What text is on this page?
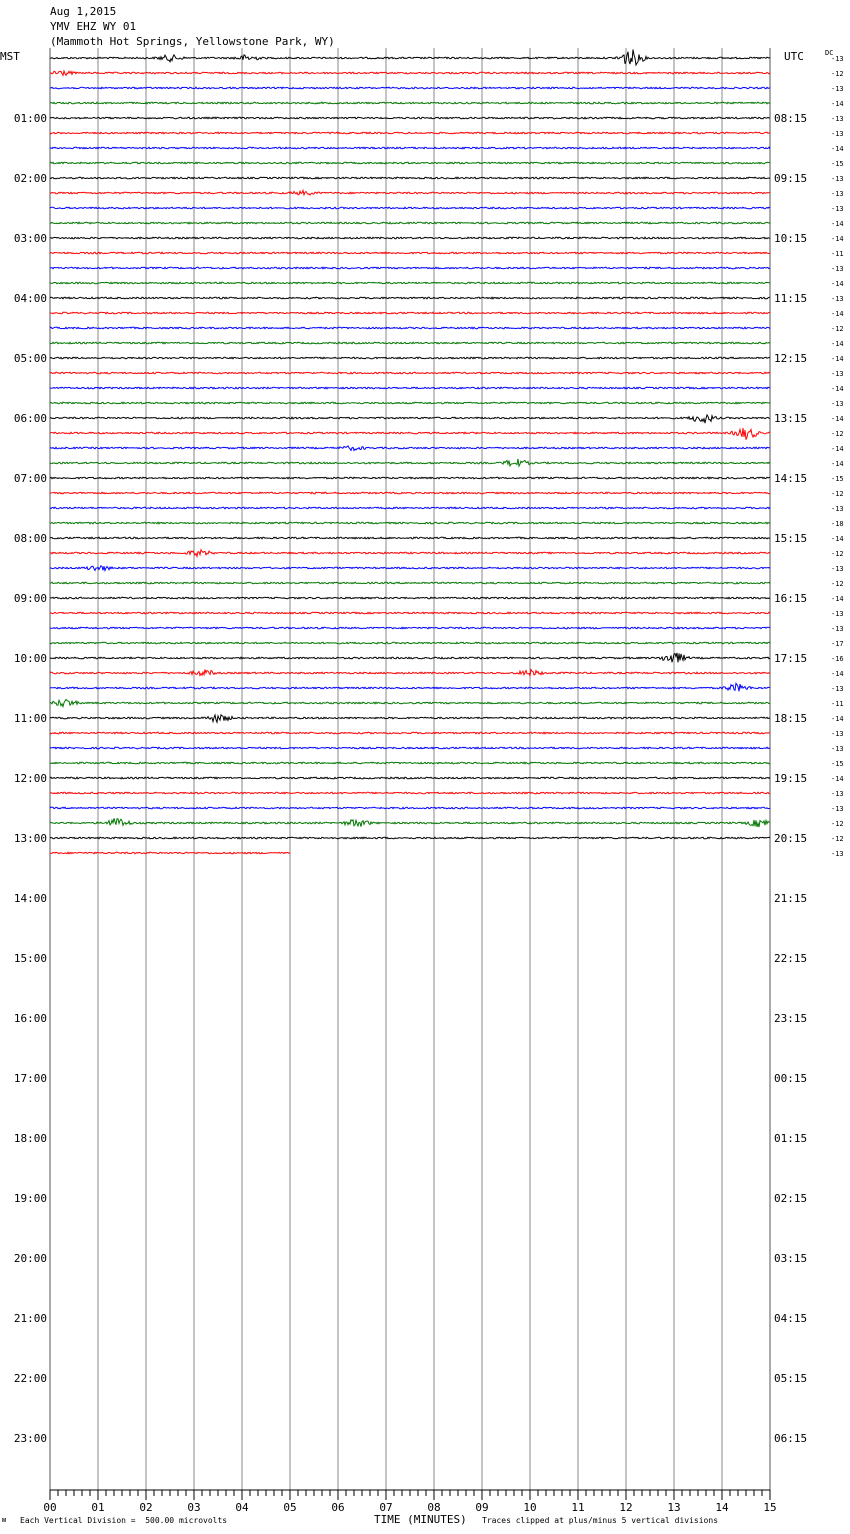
Aug 1,2015
YMV EHZ WY 01
(Mammoth Hot Springs, Yellowstone Park, WY)
MST	UTC	DC
00	01	02	03	04	05	06	07	08	09	10	11	12	13	14	15
01:00	08:15
02:00	09:15
03:00	10:15
04:00	11:15
05:00	12:15
06:00	13:15
07:00	14:15
08:00	15:15
09:00	16:15
10:00	17:15
11:00	18:15
12:00	19:15
13:00	20:15
14:00	21:15
15:00	22:15
16:00	23:15
17:00	00:15
18:00	01:15
19:00	02:15
20:00	03:15
21:00	04:15
22:00	05:15
23:00	06:15
-13
-12
-13
-14
-13
-13
-14
-15
-13
-13
-13
-14
-14
-11
-13
-14
-13
-14
-12
-14
-14
-13
-14
-13
-14
-12
-14
-14
-15
-12
-13
-18
-14
-12
-13
-12
-14
-13
-13
-17
-16
-14
-13
-11
-14
-13
-13
-15
-14
-13
-13
-12
-12
-13
ᴍ Each Vertical Division =  500.00 microvolts	TIME (MINUTES) Traces clipped at plus/minus 5 vertical divisions
